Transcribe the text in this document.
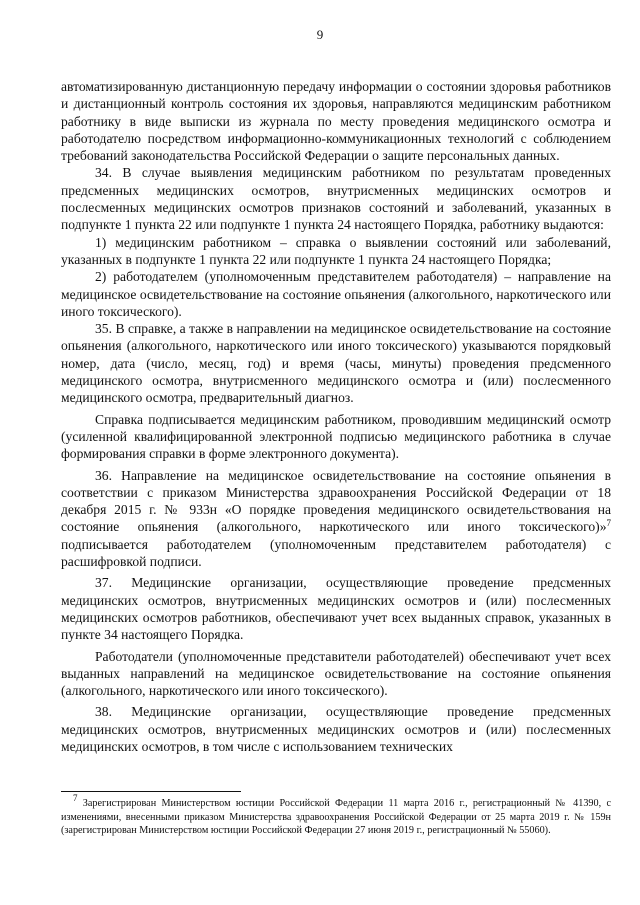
9

автоматизированную дистанционную передачу информации о состоянии здоровья работников и дистанционный контроль состояния их здоровья, направляются медицинским работником работнику в виде выписки из журнала по месту проведения медицинского осмотра и работодателю посредством информационно-коммуникационных технологий с соблюдением требований законодательства Российской Федерации о защите персональных данных.

34. В случае выявления медицинским работником по результатам проведенных предсменных медицинских осмотров, внутрисменных медицинских осмотров и послесменных медицинских осмотров признаков состояний и заболеваний, указанных в подпункте 1 пункта 22 или подпункте 1 пункта 24 настоящего Порядка, работнику выдаются:

1) медицинским работником – справка о выявлении состояний или заболеваний, указанных в подпункте 1 пункта 22 или подпункте 1 пункта 24 настоящего Порядка;

2) работодателем (уполномоченным представителем работодателя) – направление на медицинское освидетельствование на состояние опьянения (алкогольного, наркотического или иного токсического).

35. В справке, а также в направлении на медицинское освидетельствование на состояние опьянения (алкогольного, наркотического или иного токсического) указываются порядковый номер, дата (число, месяц, год) и время (часы, минуты) проведения предсменного медицинского осмотра, внутрисменного медицинского осмотра и (или) послесменного медицинского осмотра, предварительный диагноз.

Справка подписывается медицинским работником, проводившим медицинский осмотр (усиленной квалифицированной электронной подписью медицинского работника в случае формирования справки в форме электронного документа).

36. Направление на медицинское освидетельствование на состояние опьянения в соответствии с приказом Министерства здравоохранения Российской Федерации от 18 декабря 2015 г. № 933н «О порядке проведения медицинского освидетельствования на состояние опьянения (алкогольного, наркотического или иного токсического)»$^7$ подписывается работодателем (уполномоченным представителем работодателя) с расшифровкой подписи.

37. Медицинские организации, осуществляющие проведение предсменных медицинских осмотров, внутрисменных медицинских осмотров и (или) послесменных медицинских осмотров работников, обеспечивают учет всех выданных справок, указанных в пункте 34 настоящего Порядка.

Работодатели (уполномоченные представители работодателей) обеспечивают учет всех выданных направлений на медицинское освидетельствование на состояние опьянения (алкогольного, наркотического или иного токсического).

38. Медицинские организации, осуществляющие проведение предсменных медицинских осмотров, внутрисменных медицинских осмотров и (или) послесменных медицинских осмотров, в том числе с использованием технических

$^7$ Зарегистрирован Министерством юстиции Российской Федерации 11 марта 2016 г., регистрационный № 41390, с изменениями, внесенными приказом Министерства здравоохранения Российской Федерации от 25 марта 2019 г. № 159н (зарегистрирован Министерством юстиции Российской Федерации 27 июня 2019 г., регистрационный № 55060).
